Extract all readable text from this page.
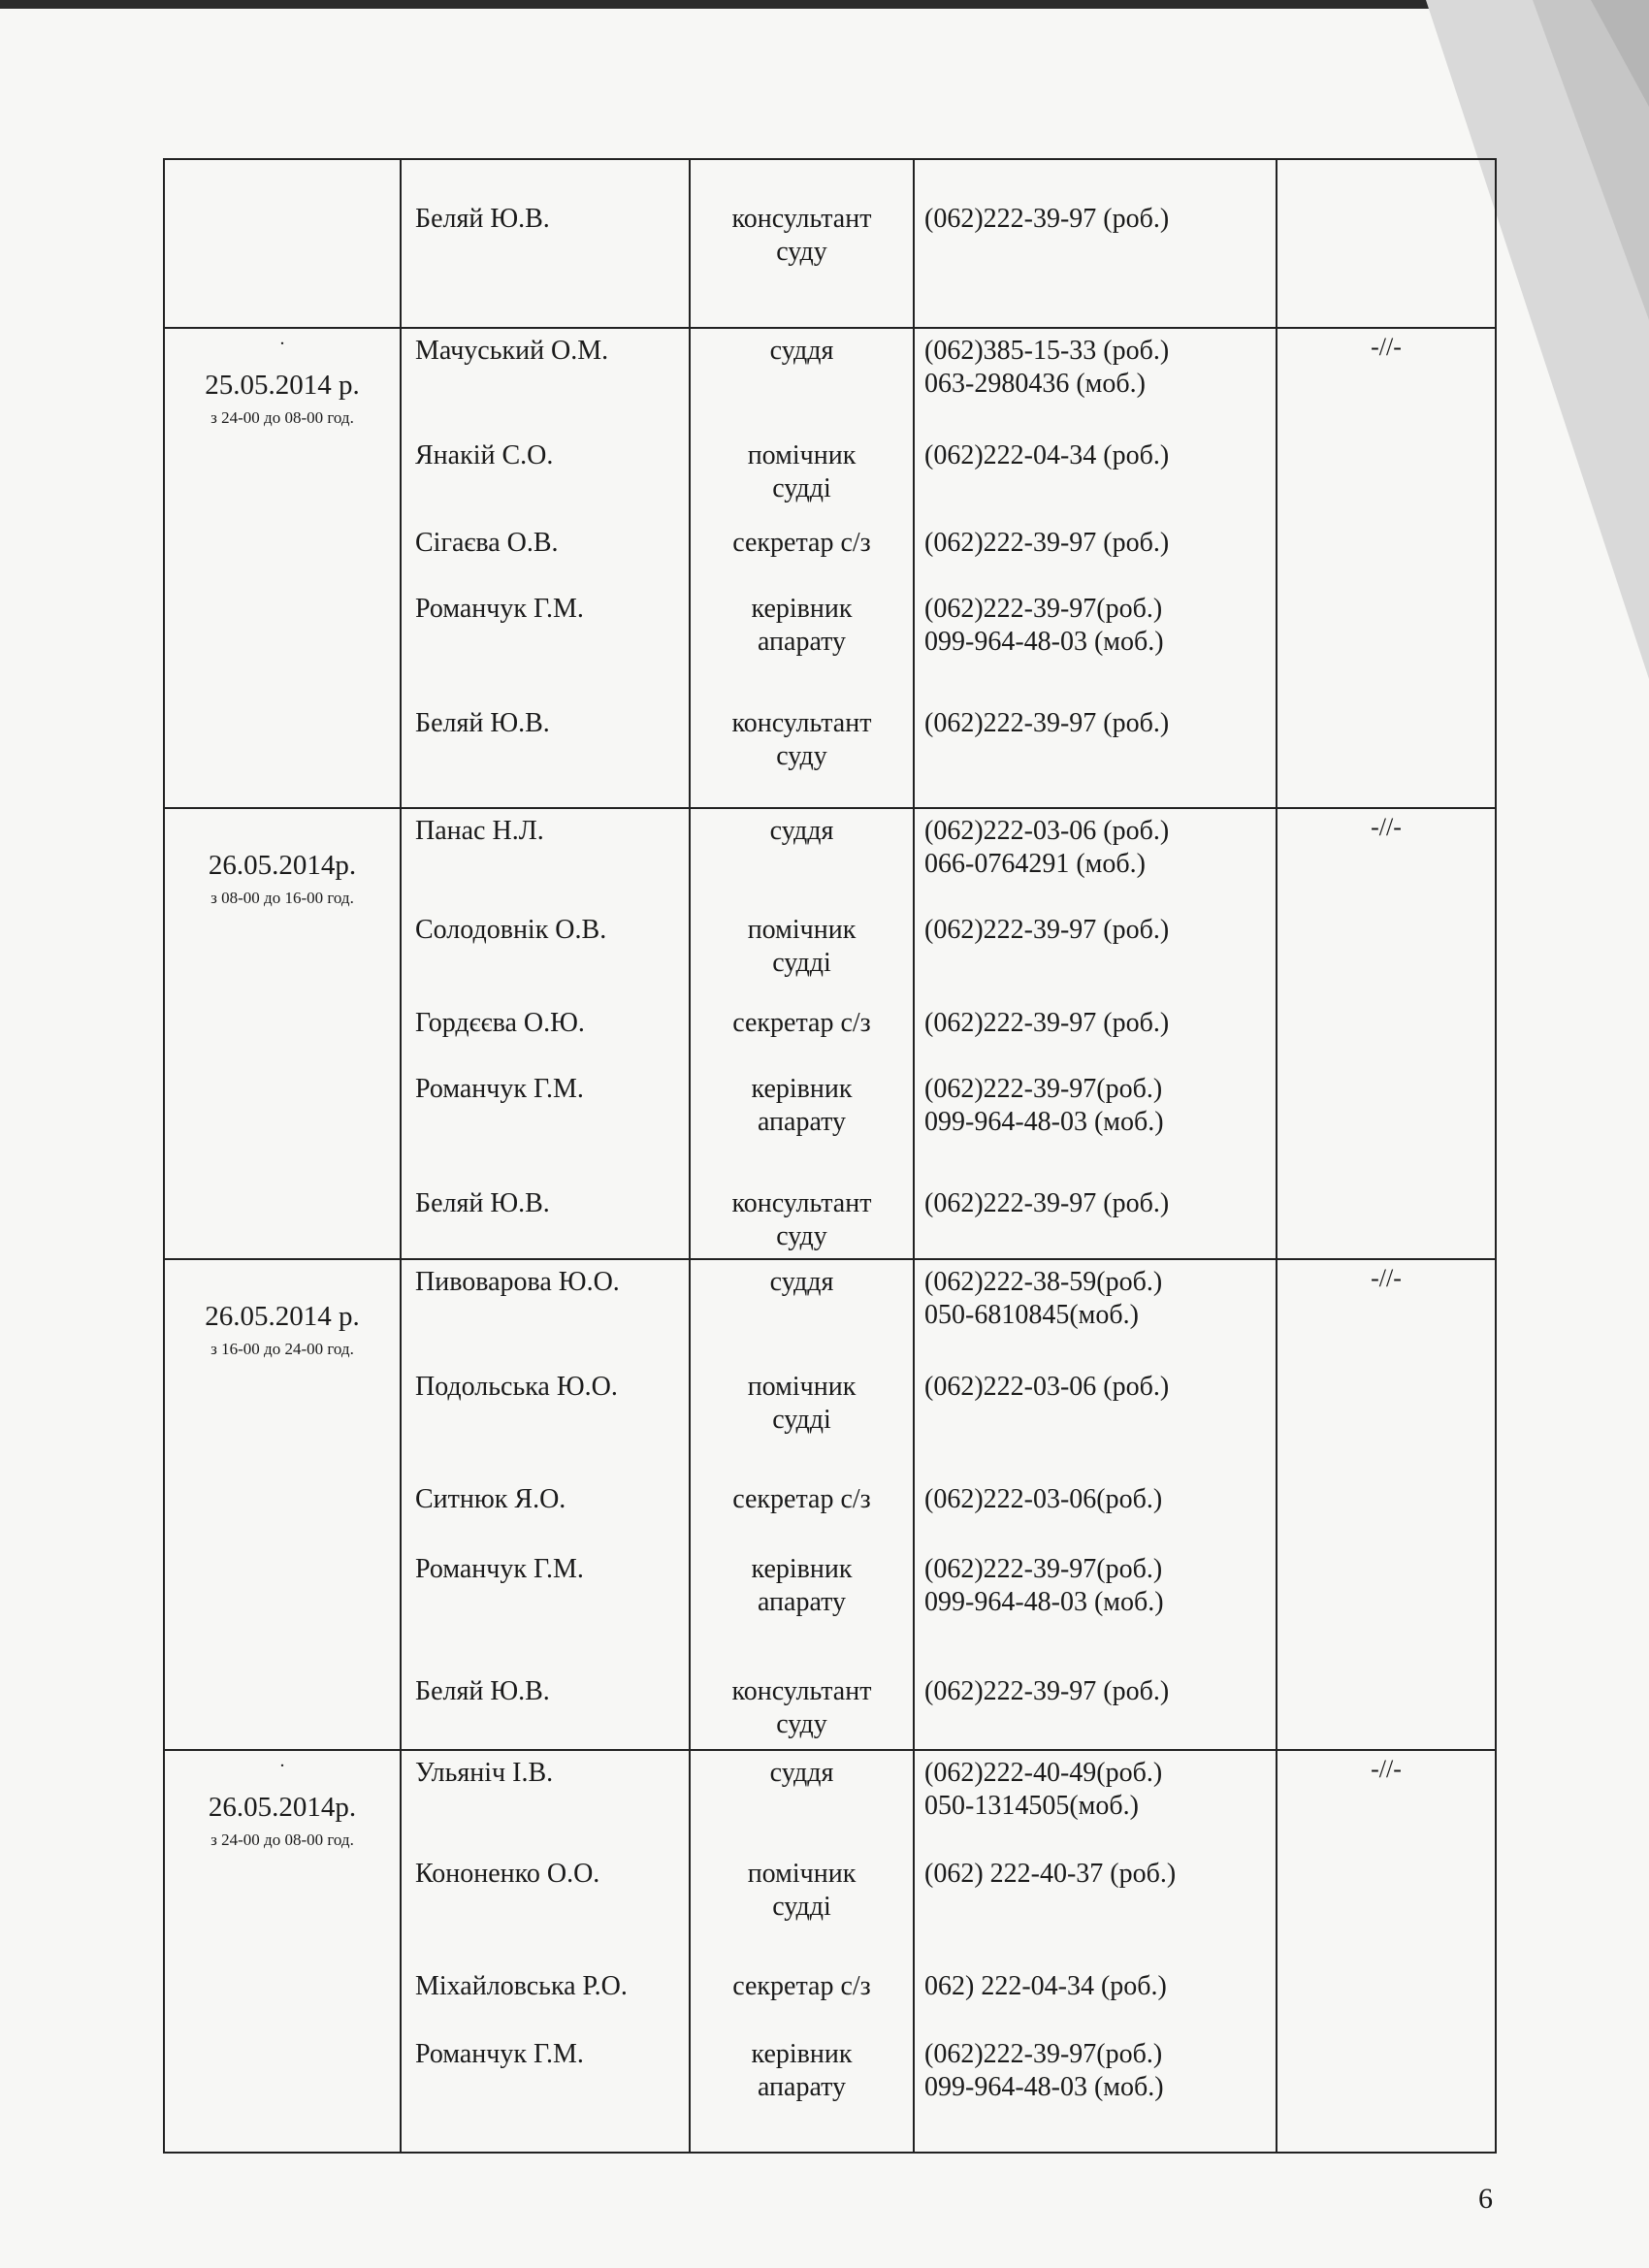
Беляй Ю.В.	консультант
суду
(062)222-39-97 (роб.)
.
25.05.2014 р.
з 24-00 до 08-00 год.
Мачуський О.М.
Янакій С.О.
Сігаєва О.В.
Романчук Г.М.
Беляй Ю.В.
суддя
помічник
судді
секретар с/з
керівник
апарату
консультант
суду
(062)385-15-33 (роб.)
063-2980436 (моб.)
(062)222-04-34 (роб.)
(062)222-39-97 (роб.)
(062)222-39-97(роб.)
099-964-48-03 (моб.)
(062)222-39-97 (роб.)
-//-
26.05.2014р.
з 08-00 до 16-00 год.
Панас Н.Л.
Солодовнік О.В.
Гордєєва О.Ю.
Романчук Г.М.
Беляй Ю.В.
суддя
помічник
судді
секретар с/з
керівник
апарату
консультант
суду
(062)222-03-06 (роб.)
066-0764291 (моб.)
(062)222-39-97 (роб.)
(062)222-39-97 (роб.)
(062)222-39-97(роб.)
099-964-48-03 (моб.)
(062)222-39-97 (роб.)
-//-
26.05.2014 р.
з 16-00 до 24-00 год.
Пивоварова Ю.О.
Подольська Ю.О.
Ситнюк Я.О.
Романчук Г.М.
Беляй Ю.В.
суддя
помічник
судді
секретар с/з
керівник
апарату
консультант
суду
(062)222-38-59(роб.)
050-6810845(моб.)
(062)222-03-06 (роб.)
(062)222-03-06(роб.)
(062)222-39-97(роб.)
099-964-48-03 (моб.)
(062)222-39-97 (роб.)
-//-
.
26.05.2014р.
з 24-00 до 08-00 год.
Ульяніч І.В.
Кононенко О.О.
Міхайловська Р.О.
Романчук Г.М.
суддя
помічник
судді
секретар с/з
керівник
апарату
(062)222-40-49(роб.)
050-1314505(моб.)
(062) 222-40-37 (роб.)
062) 222-04-34 (роб.)
(062)222-39-97(роб.)
099-964-48-03 (моб.)
-//-
6
